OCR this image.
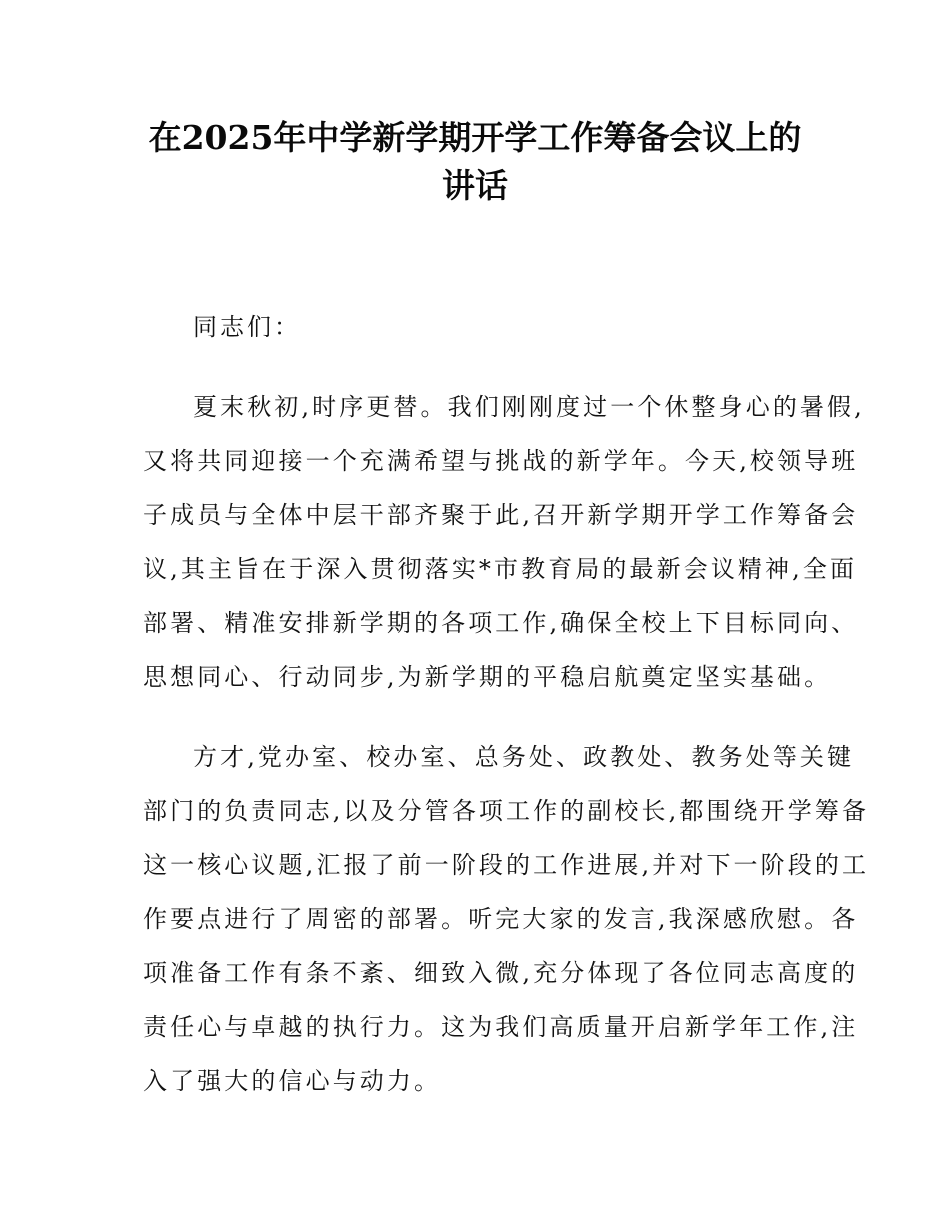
在2025年中学新学期开学工作筹备会议上的
讲话

同志们：

夏末秋初,时序更替。我们刚刚度过一个休整身心的暑假,
又将共同迎接一个充满希望与挑战的新学年。今天,校领导班
子成员与全体中层干部齐聚于此,召开新学期开学工作筹备会
议,其主旨在于深入贯彻落实*市教育局的最新会议精神,全面
部署、精准安排新学期的各项工作,确保全校上下目标同向、
思想同心、行动同步,为新学期的平稳启航奠定坚实基础。

方才,党办室、校办室、总务处、政教处、教务处等关键
部门的负责同志,以及分管各项工作的副校长,都围绕开学筹备
这一核心议题,汇报了前一阶段的工作进展,并对下一阶段的工
作要点进行了周密的部署。听完大家的发言,我深感欣慰。各
项准备工作有条不紊、细致入微,充分体现了各位同志高度的
责任心与卓越的执行力。这为我们高质量开启新学年工作,注
入了强大的信心与动力。
